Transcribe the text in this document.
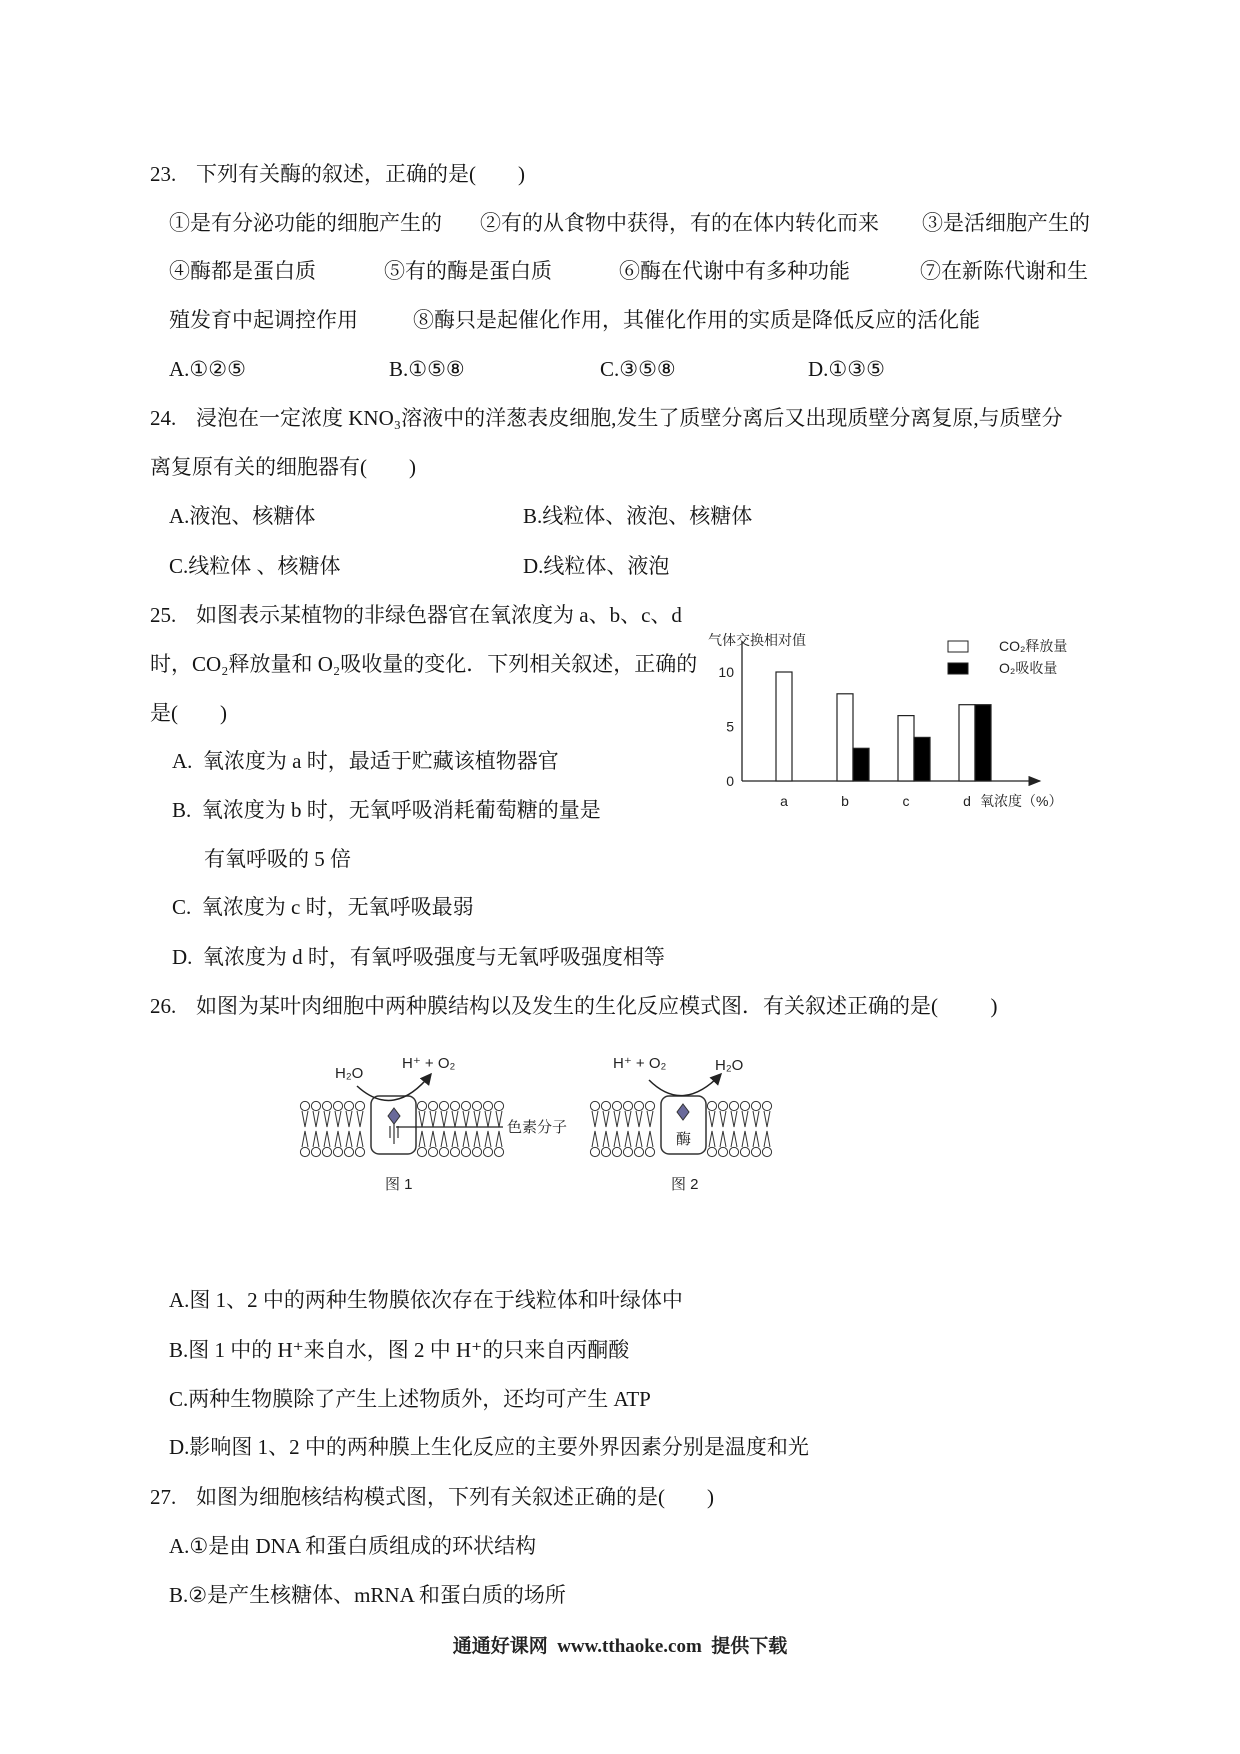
23. 下列有关酶的叙述，正确的是(        )
①是有分泌功能的细胞产生的 ②有的从食物中获得，有的在体内转化而来 ③是活细胞产生的
④酶都是蛋白质	⑤有的酶是蛋白质	⑥酶在代谢中有多种功能	⑦在新陈代谢和生
殖发育中起调控作用	⑧酶只是起催化作用，其催化作用的实质是降低反应的活化能
A.①②⑤	B.①⑤⑧	C.③⑤⑧	D.①③⑤
24. 浸泡在一定浓度 KNO₃溶液中的洋葱表皮细胞,发生了质壁分离后又出现质壁分离复原,与质壁分
离复原有关的细胞器有(        )
A.液泡、核糖体	B.线粒体、液泡、核糖体
C.线粒体 、核糖体	D.线粒体、液泡
25. 如图表示某植物的非绿色器官在氧浓度为 a、b、c、d
时，CO₂释放量和 O₂吸收量的变化．下列相关叙述，正确的
是(        )
A.  氧浓度为 a 时，最适于贮藏该植物器官
B.  氧浓度为 b 时，无氧呼吸消耗葡萄糖的量是
有氧呼吸的 5 倍
C.  氧浓度为 c 时，无氧呼吸最弱
D.  氧浓度为 d 时，有氧呼吸强度与无氧呼吸强度相等
气体交换相对值
0
5
10
a	b	c	d 氧浓度（%）
CO₂释放量
O₂吸收量
26. 如图为某叶肉细胞中两种膜结构以及发生的生化反应模式图．有关叙述正确的是(          )
H₂O
H⁺ + O₂
色素分子
图 1
酶
H⁺ + O₂	H₂O
图 2
A.图 1、2 中的两种生物膜依次存在于线粒体和叶绿体中
B.图 1 中的 H⁺来自水，图 2 中 H⁺的只来自丙酮酸
C.两种生物膜除了产生上述物质外，还均可产生 ATP
D.影响图 1、2 中的两种膜上生化反应的主要外界因素分别是温度和光
27. 如图为细胞核结构模式图，下列有关叙述正确的是(        )
A.①是由 DNA 和蛋白质组成的环状结构
B.②是产生核糖体、mRNA 和蛋白质的场所
通通好课网  www.tthaoke.com  提供下载
